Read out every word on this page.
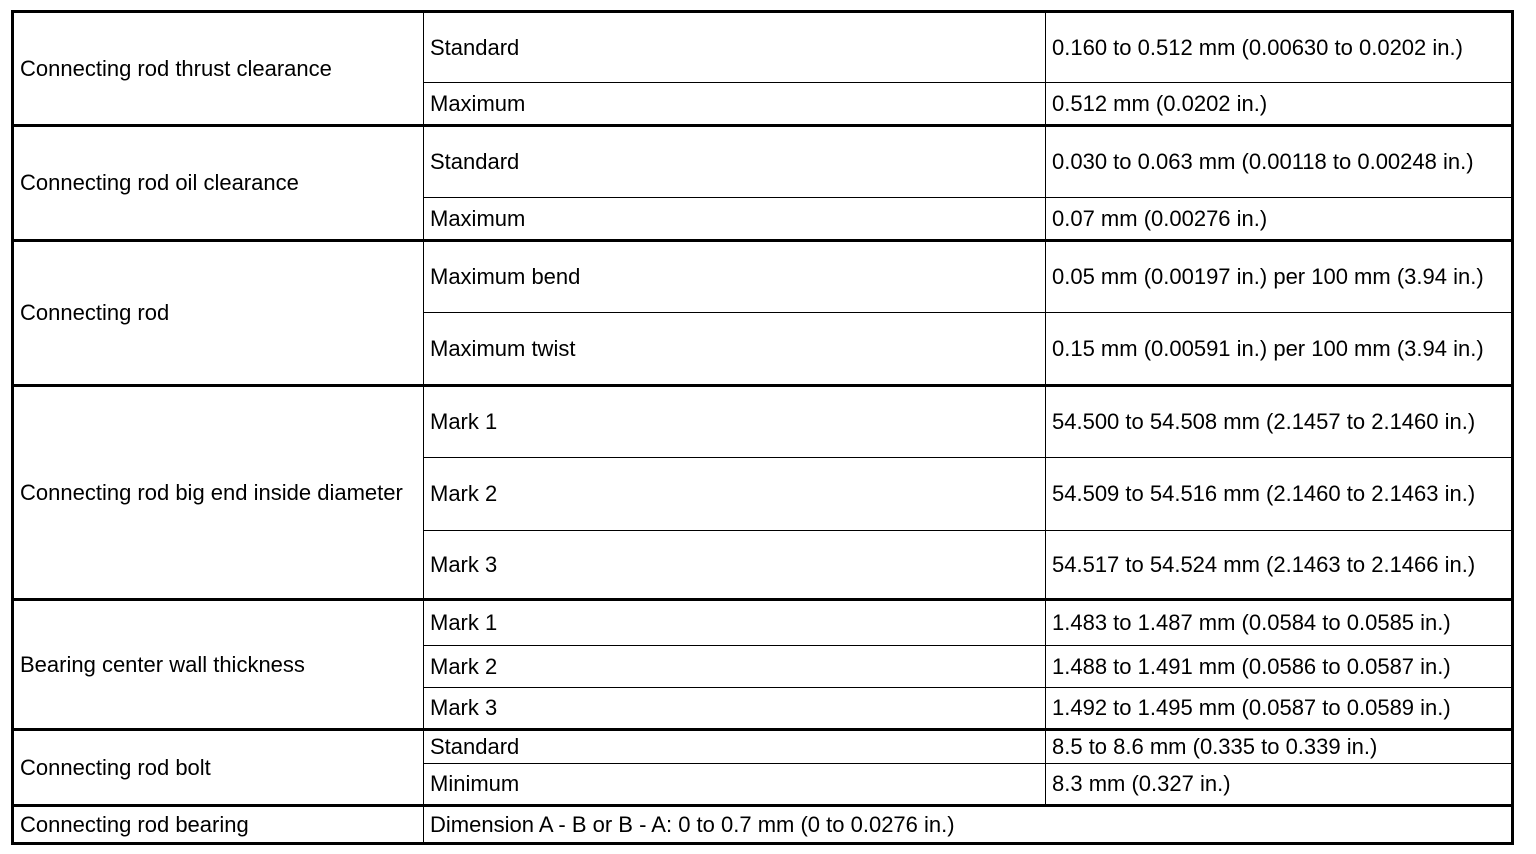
Connecting rod thrust clearance	Standard	0.160 to 0.512 mm (0.00630 to 0.0202 in.)
	Maximum	0.512 mm (0.0202 in.)
Connecting rod oil clearance	Standard	0.030 to 0.063 mm (0.00118 to 0.00248 in.)
	Maximum	0.07 mm (0.00276 in.)
Connecting rod	Maximum bend	0.05 mm (0.00197 in.) per 100 mm (3.94 in.)
	Maximum twist	0.15 mm (0.00591 in.) per 100 mm (3.94 in.)
Connecting rod big end inside diameter	Mark 1	54.500 to 54.508 mm (2.1457 to 2.1460 in.)
	Mark 2	54.509 to 54.516 mm (2.1460 to 2.1463 in.)
	Mark 3	54.517 to 54.524 mm (2.1463 to 2.1466 in.)
Bearing center wall thickness	Mark 1	1.483 to 1.487 mm (0.0584 to 0.0585 in.)
	Mark 2	1.488 to 1.491 mm (0.0586 to 0.0587 in.)
	Mark 3	1.492 to 1.495 mm (0.0587 to 0.0589 in.)
Connecting rod bolt	Standard	8.5 to 8.6 mm (0.335 to 0.339 in.)
	Minimum	8.3 mm (0.327 in.)
Connecting rod bearing	Dimension A - B or B - A: 0 to 0.7 mm (0 to 0.0276 in.)	
